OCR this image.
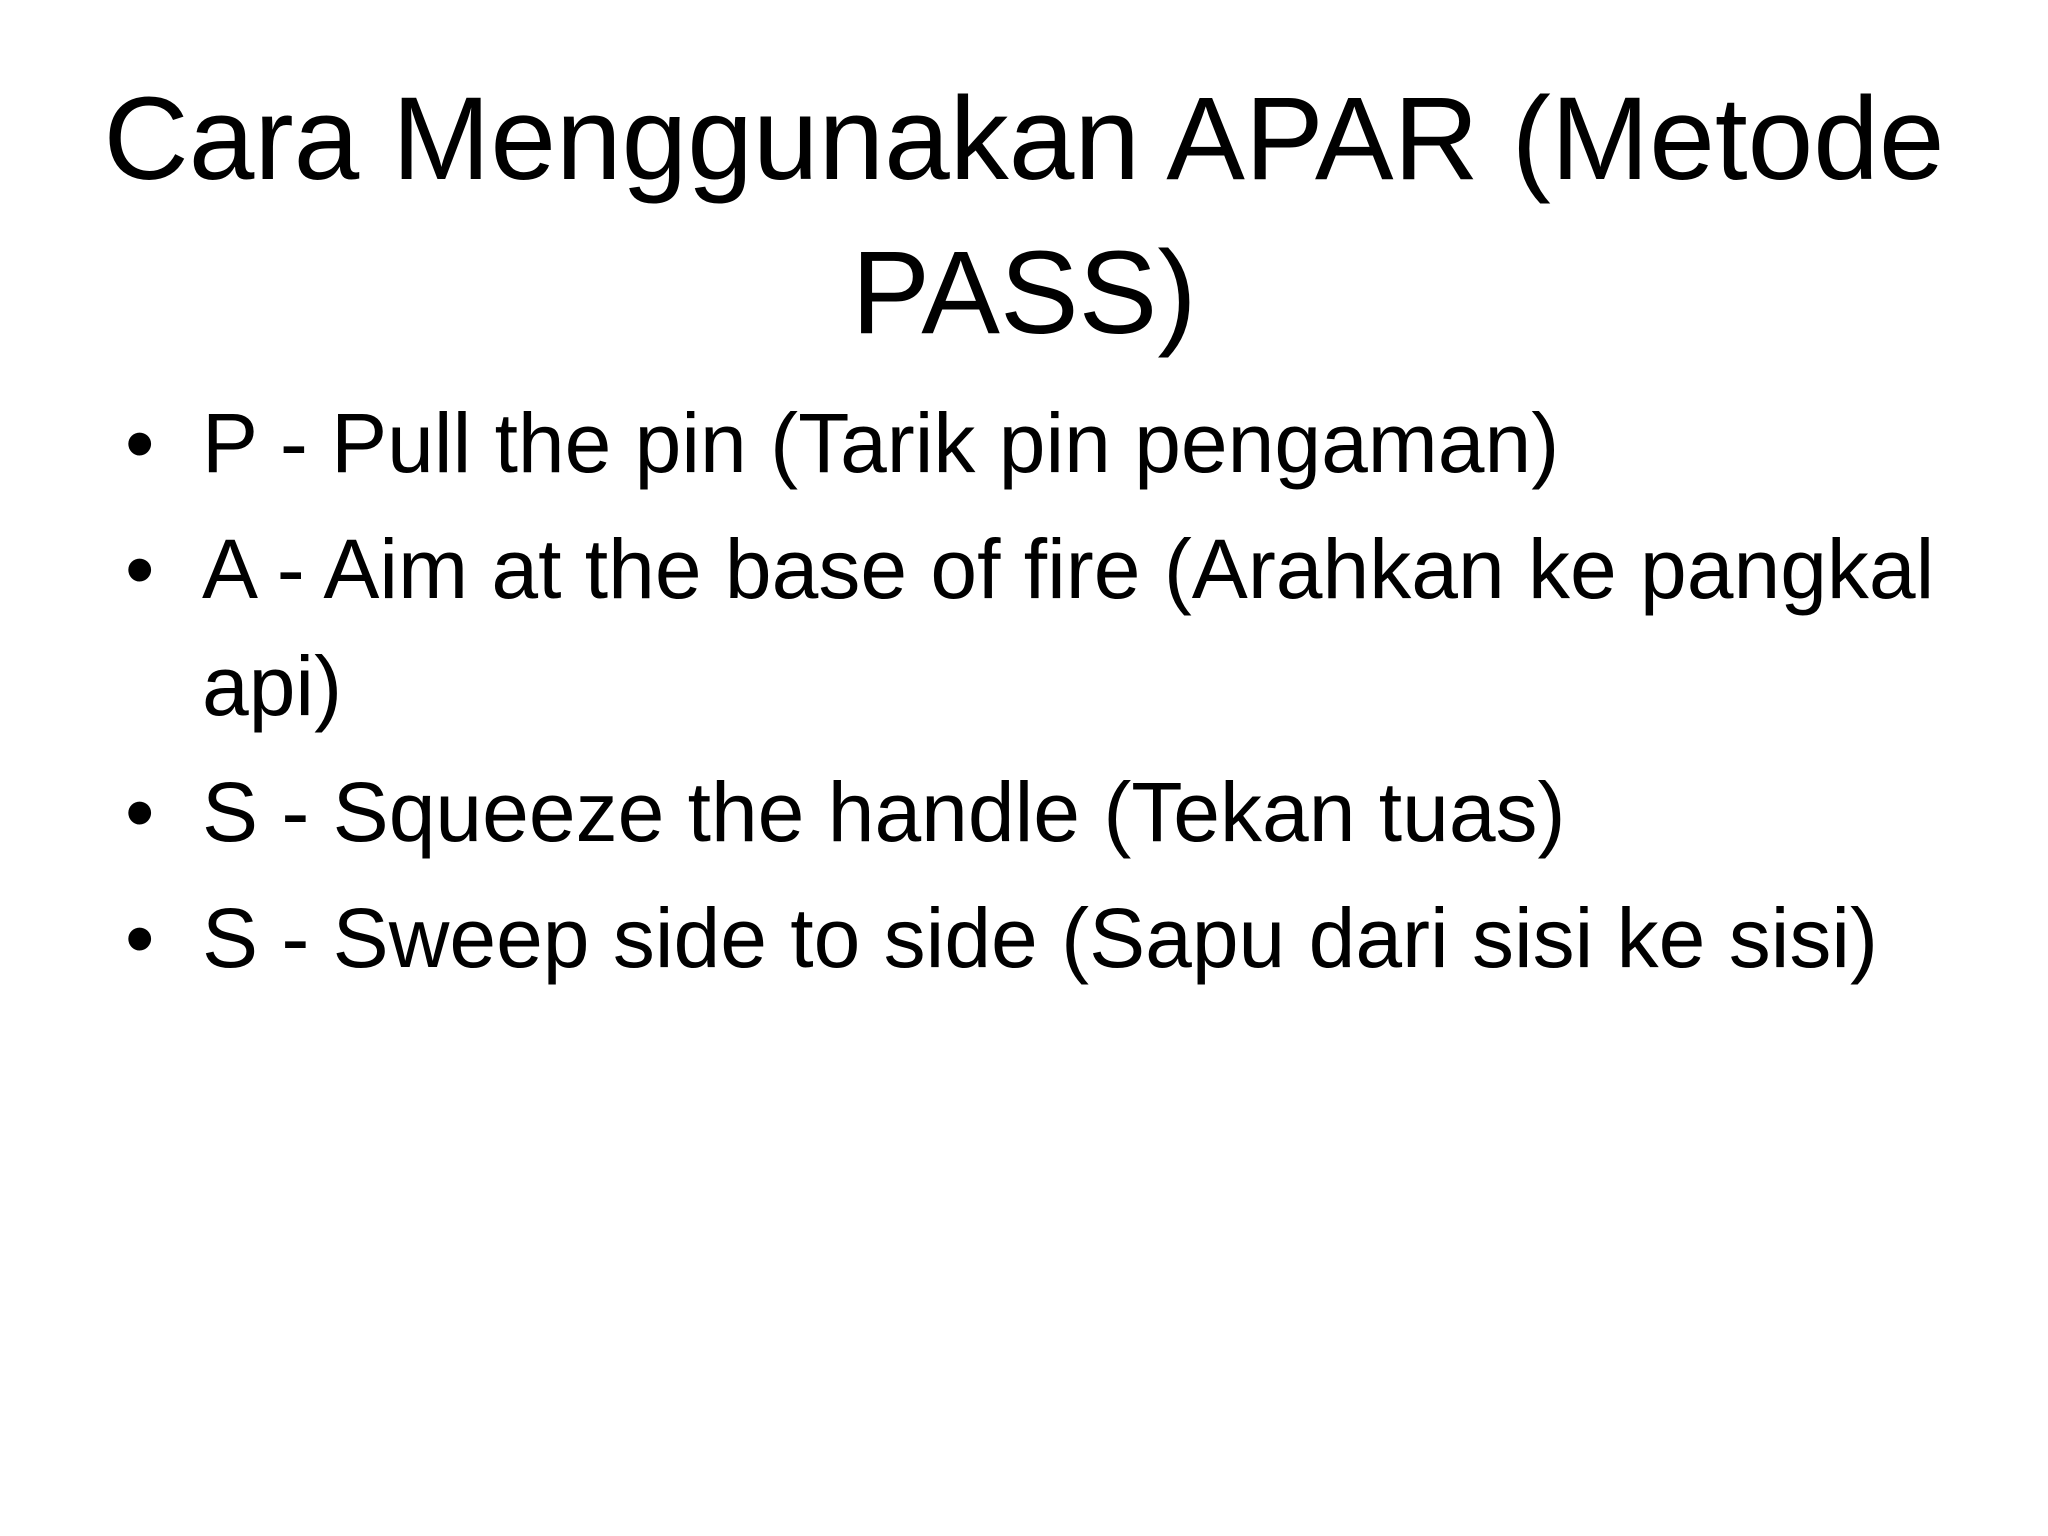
Cara Menggunakan APAR (Metode PASS)
• P - Pull the pin (Tarik pin pengaman)
• A - Aim at the base of fire (Arahkan ke pangkal api)
• S - Squeeze the handle (Tekan tuas)
• S - Sweep side to side (Sapu dari sisi ke sisi)
